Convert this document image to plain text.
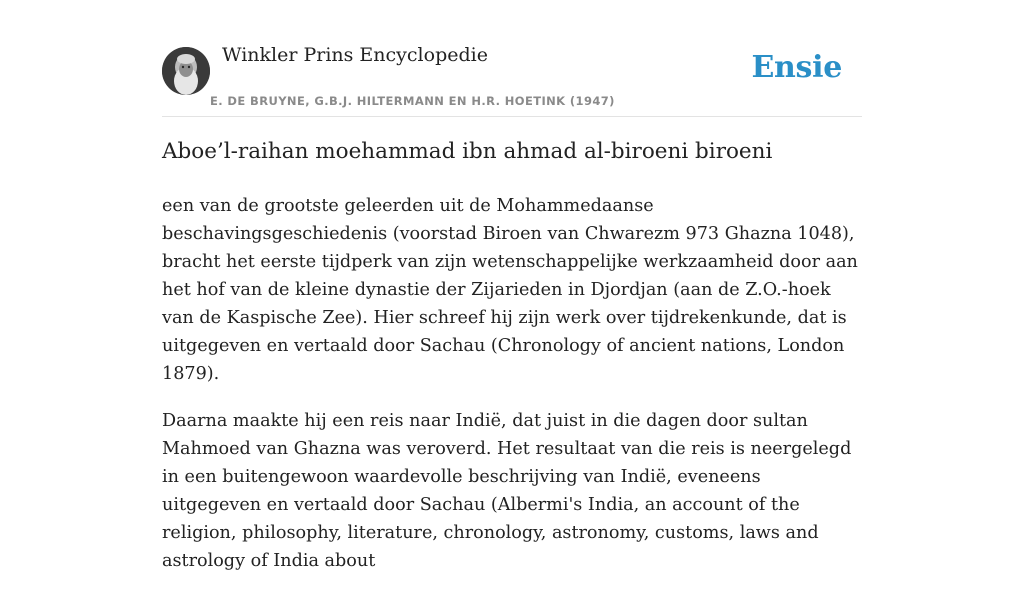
Winkler Prins Encyclopedie
E. DE BRUYNE, G.B.J. HILTERMANN EN H.R. HOETINK (1947)
Ensie
Aboe’l-raihan moehammad ibn ahmad al-biroeni biroeni

een van de grootste geleerden uit de Mohammedaanse beschavingsgeschiedenis (voorstad Biroen van Chwarezm 973 Ghazna 1048), bracht het eerste tijdperk van zijn wetenschappelijke werkzaamheid door aan het hof van de kleine dynastie der Zijarieden in Djordjan (aan de Z.O.-hoek van de Kaspische Zee). Hier schreef hij zijn werk over tijdrekenkunde, dat is uitgegeven en vertaald door Sachau (Chronology of ancient nations, London 1879).

Daarna maakte hij een reis naar Indië, dat juist in die dagen door sultan Mahmoed van Ghazna was veroverd. Het resultaat van die reis is neergelegd in een buitengewoon waardevolle beschrijving van Indië, eveneens uitgegeven en vertaald door Sachau (Albermi's India, an account of the religion, philosophy, literature, chronology, astronomy, customs, laws and astrology of India about
